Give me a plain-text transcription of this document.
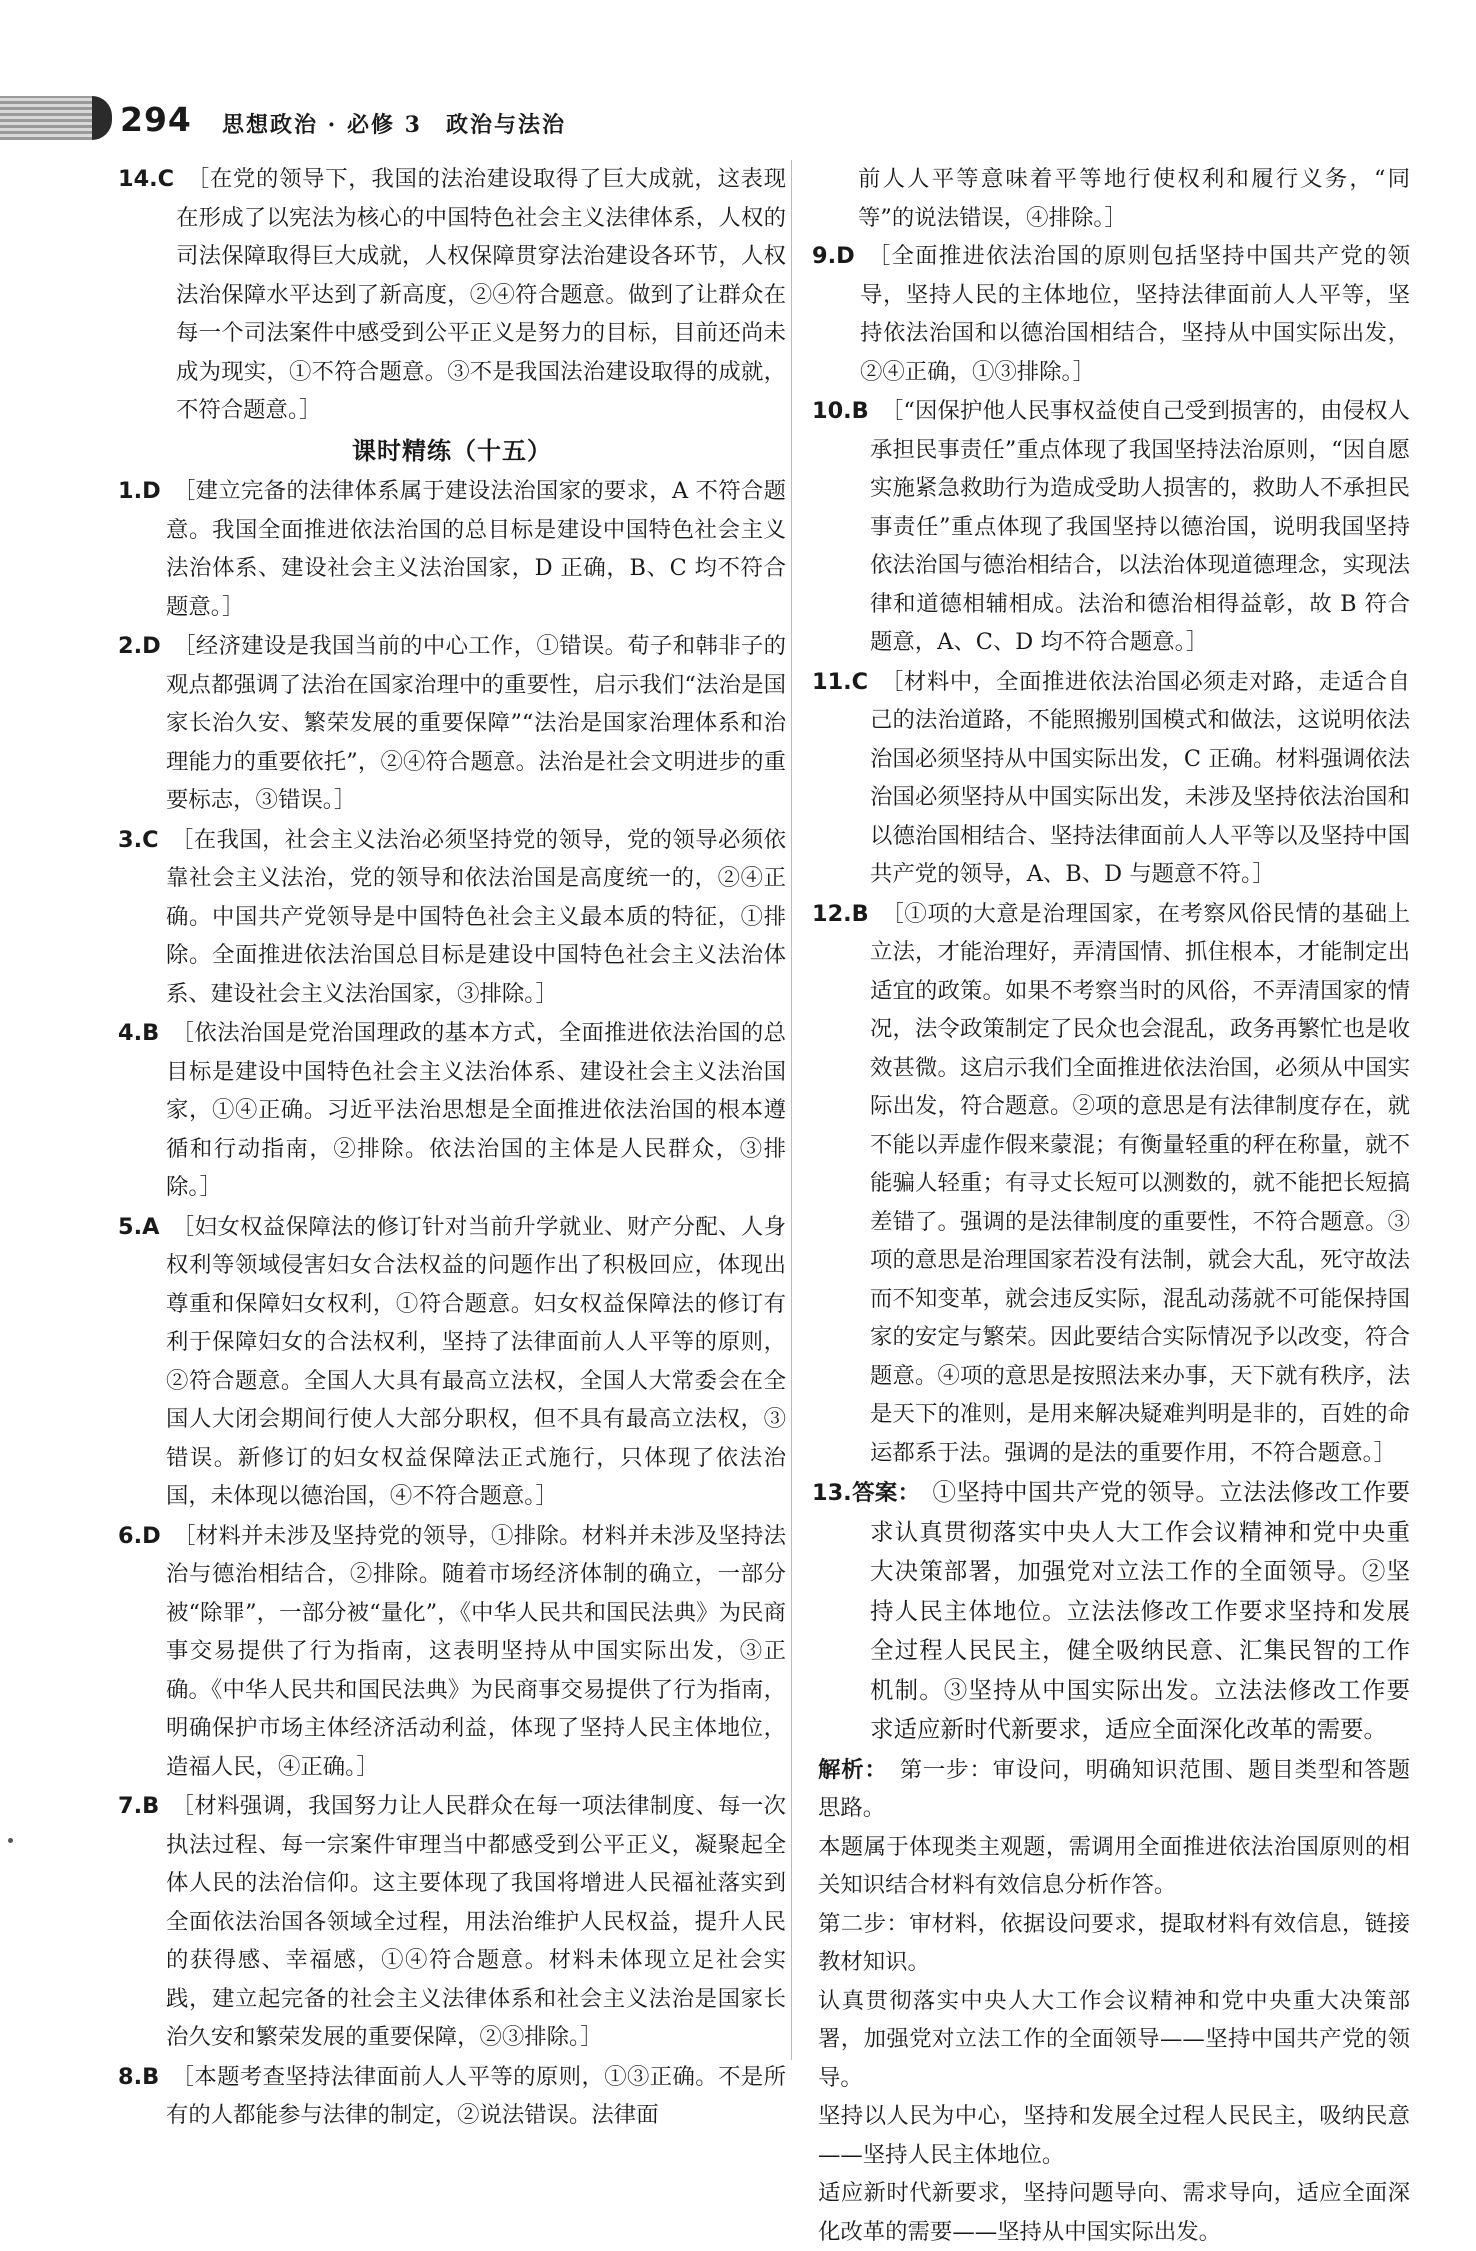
294 思想政治 · 必修 3　政治与法治

14.C ［在党的领导下，我国的法治建设取得了巨大成就，这表现在形成了以宪法为核心的中国特色社会主义法律体系，人权的司法保障取得巨大成就，人权保障贯穿法治建设各环节，人权法治保障水平达到了新高度，②④符合题意。做到了让群众在每一个司法案件中感受到公平正义是努力的目标，目前还尚未成为现实，①不符合题意。③不是我国法治建设取得的成就，不符合题意。］

课时精练（十五）

1.D ［建立完备的法律体系属于建设法治国家的要求，A 不符合题意。我国全面推进依法治国的总目标是建设中国特色社会主义法治体系、建设社会主义法治国家，D 正确，B、C 均不符合题意。］

2.D ［经济建设是我国当前的中心工作，①错误。荀子和韩非子的观点都强调了法治在国家治理中的重要性，启示我们“法治是国家长治久安、繁荣发展的重要保障”“法治是国家治理体系和治理能力的重要依托”，②④符合题意。法治是社会文明进步的重要标志，③错误。］

3.C ［在我国，社会主义法治必须坚持党的领导，党的领导必须依靠社会主义法治，党的领导和依法治国是高度统一的，②④正确。中国共产党领导是中国特色社会主义最本质的特征，①排除。全面推进依法治国总目标是建设中国特色社会主义法治体系、建设社会主义法治国家，③排除。］

4.B ［依法治国是党治国理政的基本方式，全面推进依法治国的总目标是建设中国特色社会主义法治体系、建设社会主义法治国家，①④正确。习近平法治思想是全面推进依法治国的根本遵循和行动指南，②排除。依法治国的主体是人民群众，③排除。］

5.A ［妇女权益保障法的修订针对当前升学就业、财产分配、人身权利等领域侵害妇女合法权益的问题作出了积极回应，体现出尊重和保障妇女权利，①符合题意。妇女权益保障法的修订有利于保障妇女的合法权利，坚持了法律面前人人平等的原则，②符合题意。全国人大具有最高立法权，全国人大常委会在全国人大闭会期间行使人大部分职权，但不具有最高立法权，③错误。新修订的妇女权益保障法正式施行，只体现了依法治国，未体现以德治国，④不符合题意。］

6.D ［材料并未涉及坚持党的领导，①排除。材料并未涉及坚持法治与德治相结合，②排除。随着市场经济体制的确立，一部分被“除罪”，一部分被“量化”，《中华人民共和国民法典》为民商事交易提供了行为指南，这表明坚持从中国实际出发，③正确。《中华人民共和国民法典》为民商事交易提供了行为指南，明确保护市场主体经济活动利益，体现了坚持人民主体地位，造福人民，④正确。］

7.B ［材料强调，我国努力让人民群众在每一项法律制度、每一次执法过程、每一宗案件审理当中都感受到公平正义，凝聚起全体人民的法治信仰。这主要体现了我国将增进人民福祉落实到全面依法治国各领域全过程，用法治维护人民权益，提升人民的获得感、幸福感，①④符合题意。材料未体现立足社会实践，建立起完备的社会主义法律体系和社会主义法治是国家长治久安和繁荣发展的重要保障，②③排除。］

8.B ［本题考查坚持法律面前人人平等的原则，①③正确。不是所有的人都能参与法律的制定，②说法错误。法律面

前人人平等意味着平等地行使权利和履行义务，“同等”的说法错误，④排除。］

9.D ［全面推进依法治国的原则包括坚持中国共产党的领导，坚持人民的主体地位，坚持法律面前人人平等，坚持依法治国和以德治国相结合，坚持从中国实际出发，②④正确，①③排除。］

10.B ［“因保护他人民事权益使自己受到损害的，由侵权人承担民事责任”重点体现了我国坚持法治原则，“因自愿实施紧急救助行为造成受助人损害的，救助人不承担民事责任”重点体现了我国坚持以德治国，说明我国坚持依法治国与德治相结合，以法治体现道德理念，实现法律和道德相辅相成。法治和德治相得益彰，故 B 符合题意，A、C、D 均不符合题意。］

11.C ［材料中，全面推进依法治国必须走对路，走适合自己的法治道路，不能照搬别国模式和做法，这说明依法治国必须坚持从中国实际出发，C 正确。材料强调依法治国必须坚持从中国实际出发，未涉及坚持依法治国和以德治国相结合、坚持法律面前人人平等以及坚持中国共产党的领导，A、B、D 与题意不符。］

12.B ［①项的大意是治理国家，在考察风俗民情的基础上立法，才能治理好，弄清国情、抓住根本，才能制定出适宜的政策。如果不考察当时的风俗，不弄清国家的情况，法令政策制定了民众也会混乱，政务再繁忙也是收效甚微。这启示我们全面推进依法治国，必须从中国实际出发，符合题意。②项的意思是有法律制度存在，就不能以弄虚作假来蒙混；有衡量轻重的秤在称量，就不能骗人轻重；有寻丈长短可以测数的，就不能把长短搞差错了。强调的是法律制度的重要性，不符合题意。③项的意思是治理国家若没有法制，就会大乱，死守故法而不知变革，就会违反实际，混乱动荡就不可能保持国家的安定与繁荣。因此要结合实际情况予以改变，符合题意。④项的意思是按照法来办事，天下就有秩序，法是天下的准则，是用来解决疑难判明是非的，百姓的命运都系于法。强调的是法的重要作用，不符合题意。］

13.答案： ①坚持中国共产党的领导。立法法修改工作要求认真贯彻落实中央人大工作会议精神和党中央重大决策部署，加强党对立法工作的全面领导。②坚持人民主体地位。立法法修改工作要求坚持和发展全过程人民民主，健全吸纳民意、汇集民智的工作机制。③坚持从中国实际出发。立法法修改工作要求适应新时代新要求，适应全面深化改革的需要。

解析： 第一步：审设问，明确知识范围、题目类型和答题思路。

本题属于体现类主观题，需调用全面推进依法治国原则的相关知识结合材料有效信息分析作答。

第二步：审材料，依据设问要求，提取材料有效信息，链接教材知识。

认真贯彻落实中央人大工作会议精神和党中央重大决策部署，加强党对立法工作的全面领导——坚持中国共产党的领导。

坚持以人民为中心，坚持和发展全过程人民民主，吸纳民意——坚持人民主体地位。

适应新时代新要求，坚持问题导向、需求导向，适应全面深化改革的需要——坚持从中国实际出发。
